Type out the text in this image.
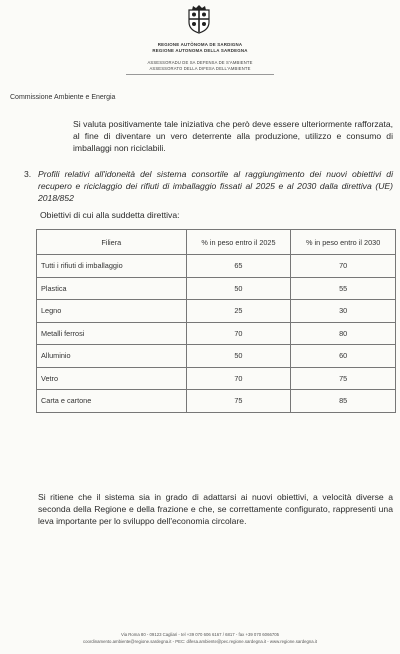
REGIONE AUTÒNOMA DE SARDIGNA
REGIONE AUTONOMA DELLA SARDEGNA
ASSESSORADU DE SA DEFENSA DE S'AMBIENTE
ASSESSORATO DELLA DIFESA DELL'AMBIENTE
Commissione Ambiente e Energia
Si valuta positivamente tale iniziativa che però deve essere ulteriormente rafforzata, al fine di diventare un vero deterrente alla produzione, utilizzo e consumo di imballaggi non riciclabili.
3. Profili relativi all'idoneità del sistema consortile al raggiungimento dei nuovi obiettivi di recupero e riciclaggio dei rifiuti di imballaggio fissati al 2025 e al 2030 dalla direttiva (UE) 2018/852
Obiettivi di cui alla suddetta direttiva:
Filiera	% in peso entro il 2025	% in peso entro il 2030
Tutti i rifiuti di imballaggio	65	70
Plastica	50	55
Legno	25	30
Metalli ferrosi	70	80
Alluminio	50	60
Vetro	70	75
Carta e cartone	75	85
Si ritiene che il sistema sia in grado di adattarsi ai nuovi obiettivi, a velocità diverse a seconda della Regione e della frazione e che, se correttamente configurato, rappresenti una leva importante per lo sviluppo dell'economia circolare.
Via Roma 80 - 09123 Cagliari - tel +39 070 606 6167 / 6817 - fax +39 070 6066705
coordinamento.ambiente@regione.sardegna.it - PEC: difesa.ambiente@pec.regione.sardegna.it - www.regione.sardegna.it
